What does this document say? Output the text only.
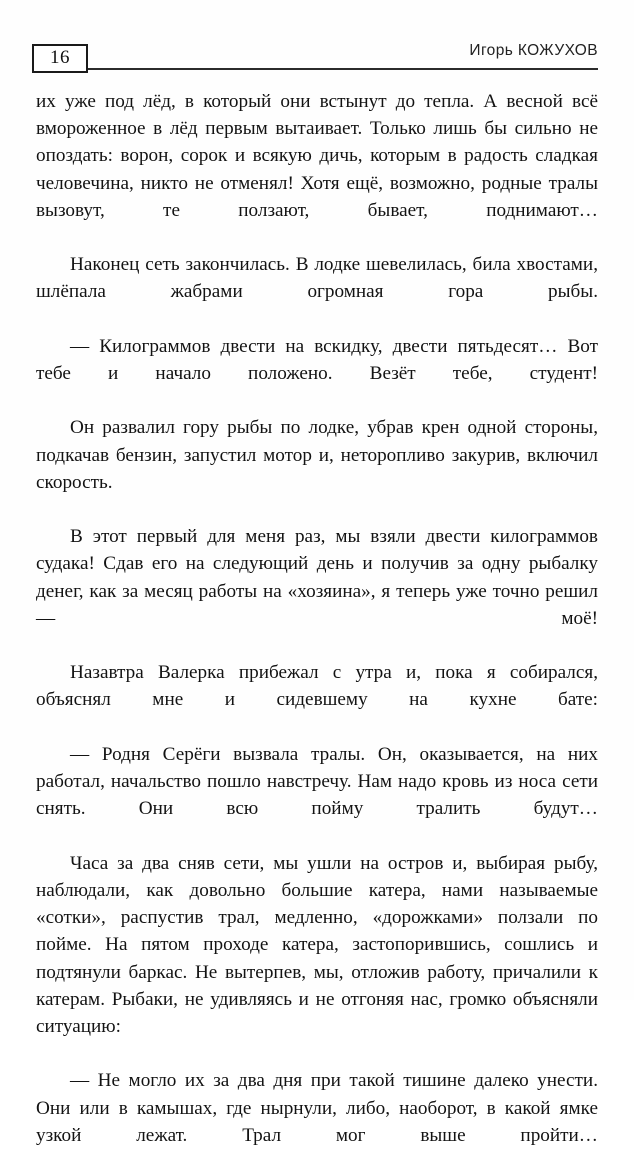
16	Игорь КОЖУХОВ

их уже под лёд, в который они встынут до тепла. А весной всё вмороженное в лёд первым вытаивает. Только лишь бы сильно не опоздать: ворон, сорок и всякую дичь, которым в радость сладкая человечина, никто не отменял! Хотя ещё, возможно, родные тралы вызовут, те ползают, бывает, поднимают…

Наконец сеть закончилась. В лодке шевелилась, била хвостами, шлёпала жабрами огромная гора рыбы.

— Килограммов двести на вскидку, двести пятьдесят… Вот тебе и начало положено. Везёт тебе, студент!

Он развалил гору рыбы по лодке, убрав крен одной стороны, подкачав бензин, запустил мотор и, неторопливо закурив, включил скорость.

В этот первый для меня раз, мы взяли двести килограммов судака! Сдав его на следующий день и получив за одну рыбалку денег, как за месяц работы на «хозяина», я теперь уже точно решил — моё!

Назавтра Валерка прибежал с утра и, пока я собирался, объяснял мне и сидевшему на кухне бате:

— Родня Серёги вызвала тралы. Он, оказывается, на них работал, начальство пошло навстречу. Нам надо кровь из носа сети снять. Они всю пойму тралить будут…

Часа за два сняв сети, мы ушли на остров и, выбирая рыбу, наблюдали, как довольно большие катера, нами называемые «сотки», распустив трал, медленно, «дорожками» ползали по пойме. На пятом проходе катера, застопорившись, сошлись и подтянули баркас. Не вытерпев, мы, отложив работу, причалили к катерам. Рыбаки, не удивляясь и не отгоняя нас, громко объясняли ситуацию:

— Не могло их за два дня при такой тишине далеко унести. Они или в камышах, где нырнули, либо, наоборот, в какой ямке узкой лежат. Трал мог выше пройти…
